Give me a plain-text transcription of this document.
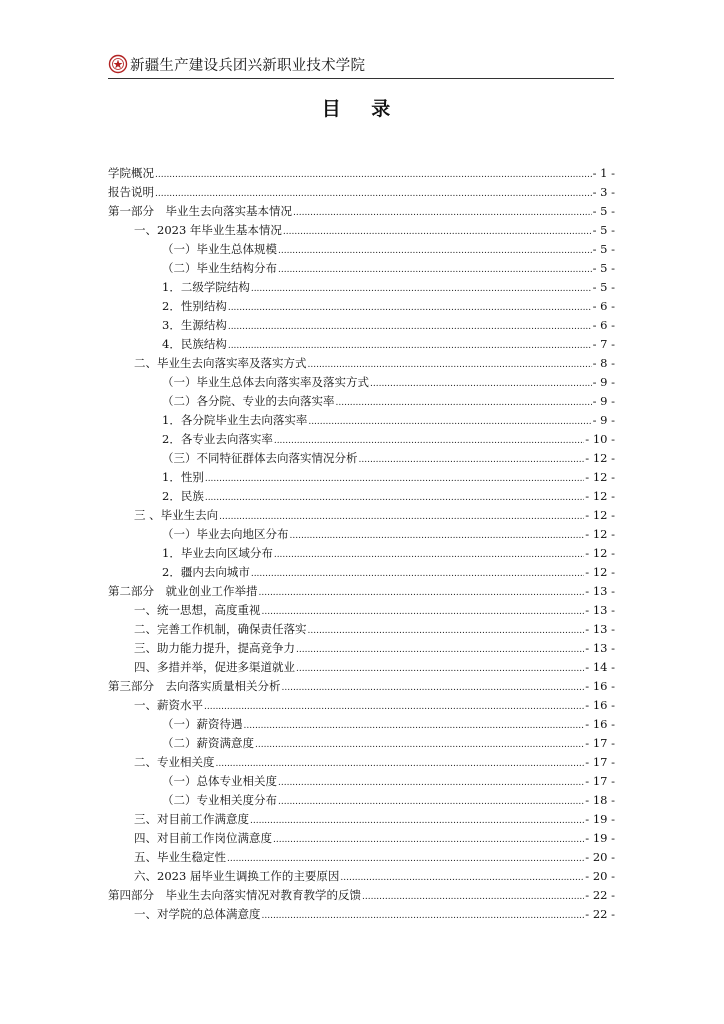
新疆生产建设兵团兴新职业技术学院
目 录
学院概况 .....	- 1 -
报告说明 .....	- 3 -
第一部分　毕业生去向落实基本情况 .....	- 5 -
一、2023 年毕业生基本情况 .....	- 5 -
（一）毕业生总体规模 .....	- 5 -
（二）毕业生结构分布 .....	- 5 -
1．二级学院结构 .....	- 5 -
2．性别结构 .....	- 6 -
3．生源结构 .....	- 6 -
4．民族结构 .....	- 7 -
二、毕业生去向落实率及落实方式 .....	- 8 -
（一）毕业生总体去向落实率及落实方式 .....	- 9 -
（二）各分院、专业的去向落实率 .....	- 9 -
1．各分院毕业生去向落实率 .....	- 9 -
2．各专业去向落实率 .....	- 10 -
（三）不同特征群体去向落实情况分析 .....	- 12 -
1．性别 .....	- 12 -
2．民族 .....	- 12 -
三 、毕业生去向 .....	- 12 -
（一）毕业去向地区分布 .....	- 12 -
1．毕业去向区域分布 .....	- 12 -
2．疆内去向城市 .....	- 12 -
第二部分　就业创业工作举措 .....	- 13 -
一、统一思想，高度重视 .....	- 13 -
二、完善工作机制，确保责任落实 .....	- 13 -
三、助力能力提升，提高竞争力 .....	- 13 -
四、多措并举，促进多渠道就业 .....	- 14 -
第三部分　去向落实质量相关分析 .....	- 16 -
一、薪资水平 .....	- 16 -
（一）薪资待遇 .....	- 16 -
（二）薪资满意度 .....	- 17 -
二、专业相关度 .....	- 17 -
（一）总体专业相关度 .....	- 17 -
（二）专业相关度分布 .....	- 18 -
三、对目前工作满意度 .....	- 19 -
四、对目前工作岗位满意度 .....	- 19 -
五、毕业生稳定性 .....	- 20 -
六、2023 届毕业生调换工作的主要原因 .....	- 20 -
第四部分　毕业生去向落实情况对教育教学的反馈 .....	- 22 -
一、对学院的总体满意度 .....	- 22 -
